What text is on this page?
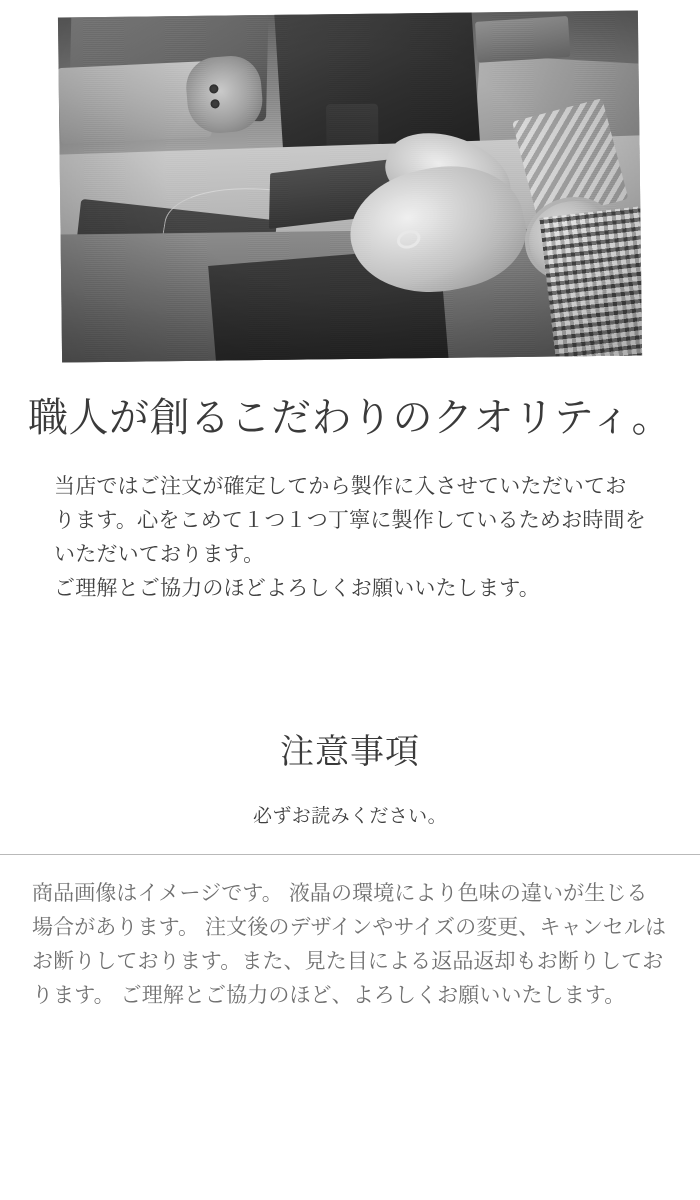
職人が創るこだわりのクオリティ。

当店ではご注文が確定してから製作に入させていただいております。心をこめて１つ１つ丁寧に製作しているためお時間をいただいております。

ご理解とご協力のほどよろしくお願いいたします。

注意事項
必ずお読みください。

商品画像はイメージです。 液晶の環境により色味の違いが生じる場合があります。 注文後のデザインやサイズの変更、キャンセルはお断りしております。また、見た目による返品返却もお断りしております。 ご理解とご協力のほど、よろしくお願いいたします。
